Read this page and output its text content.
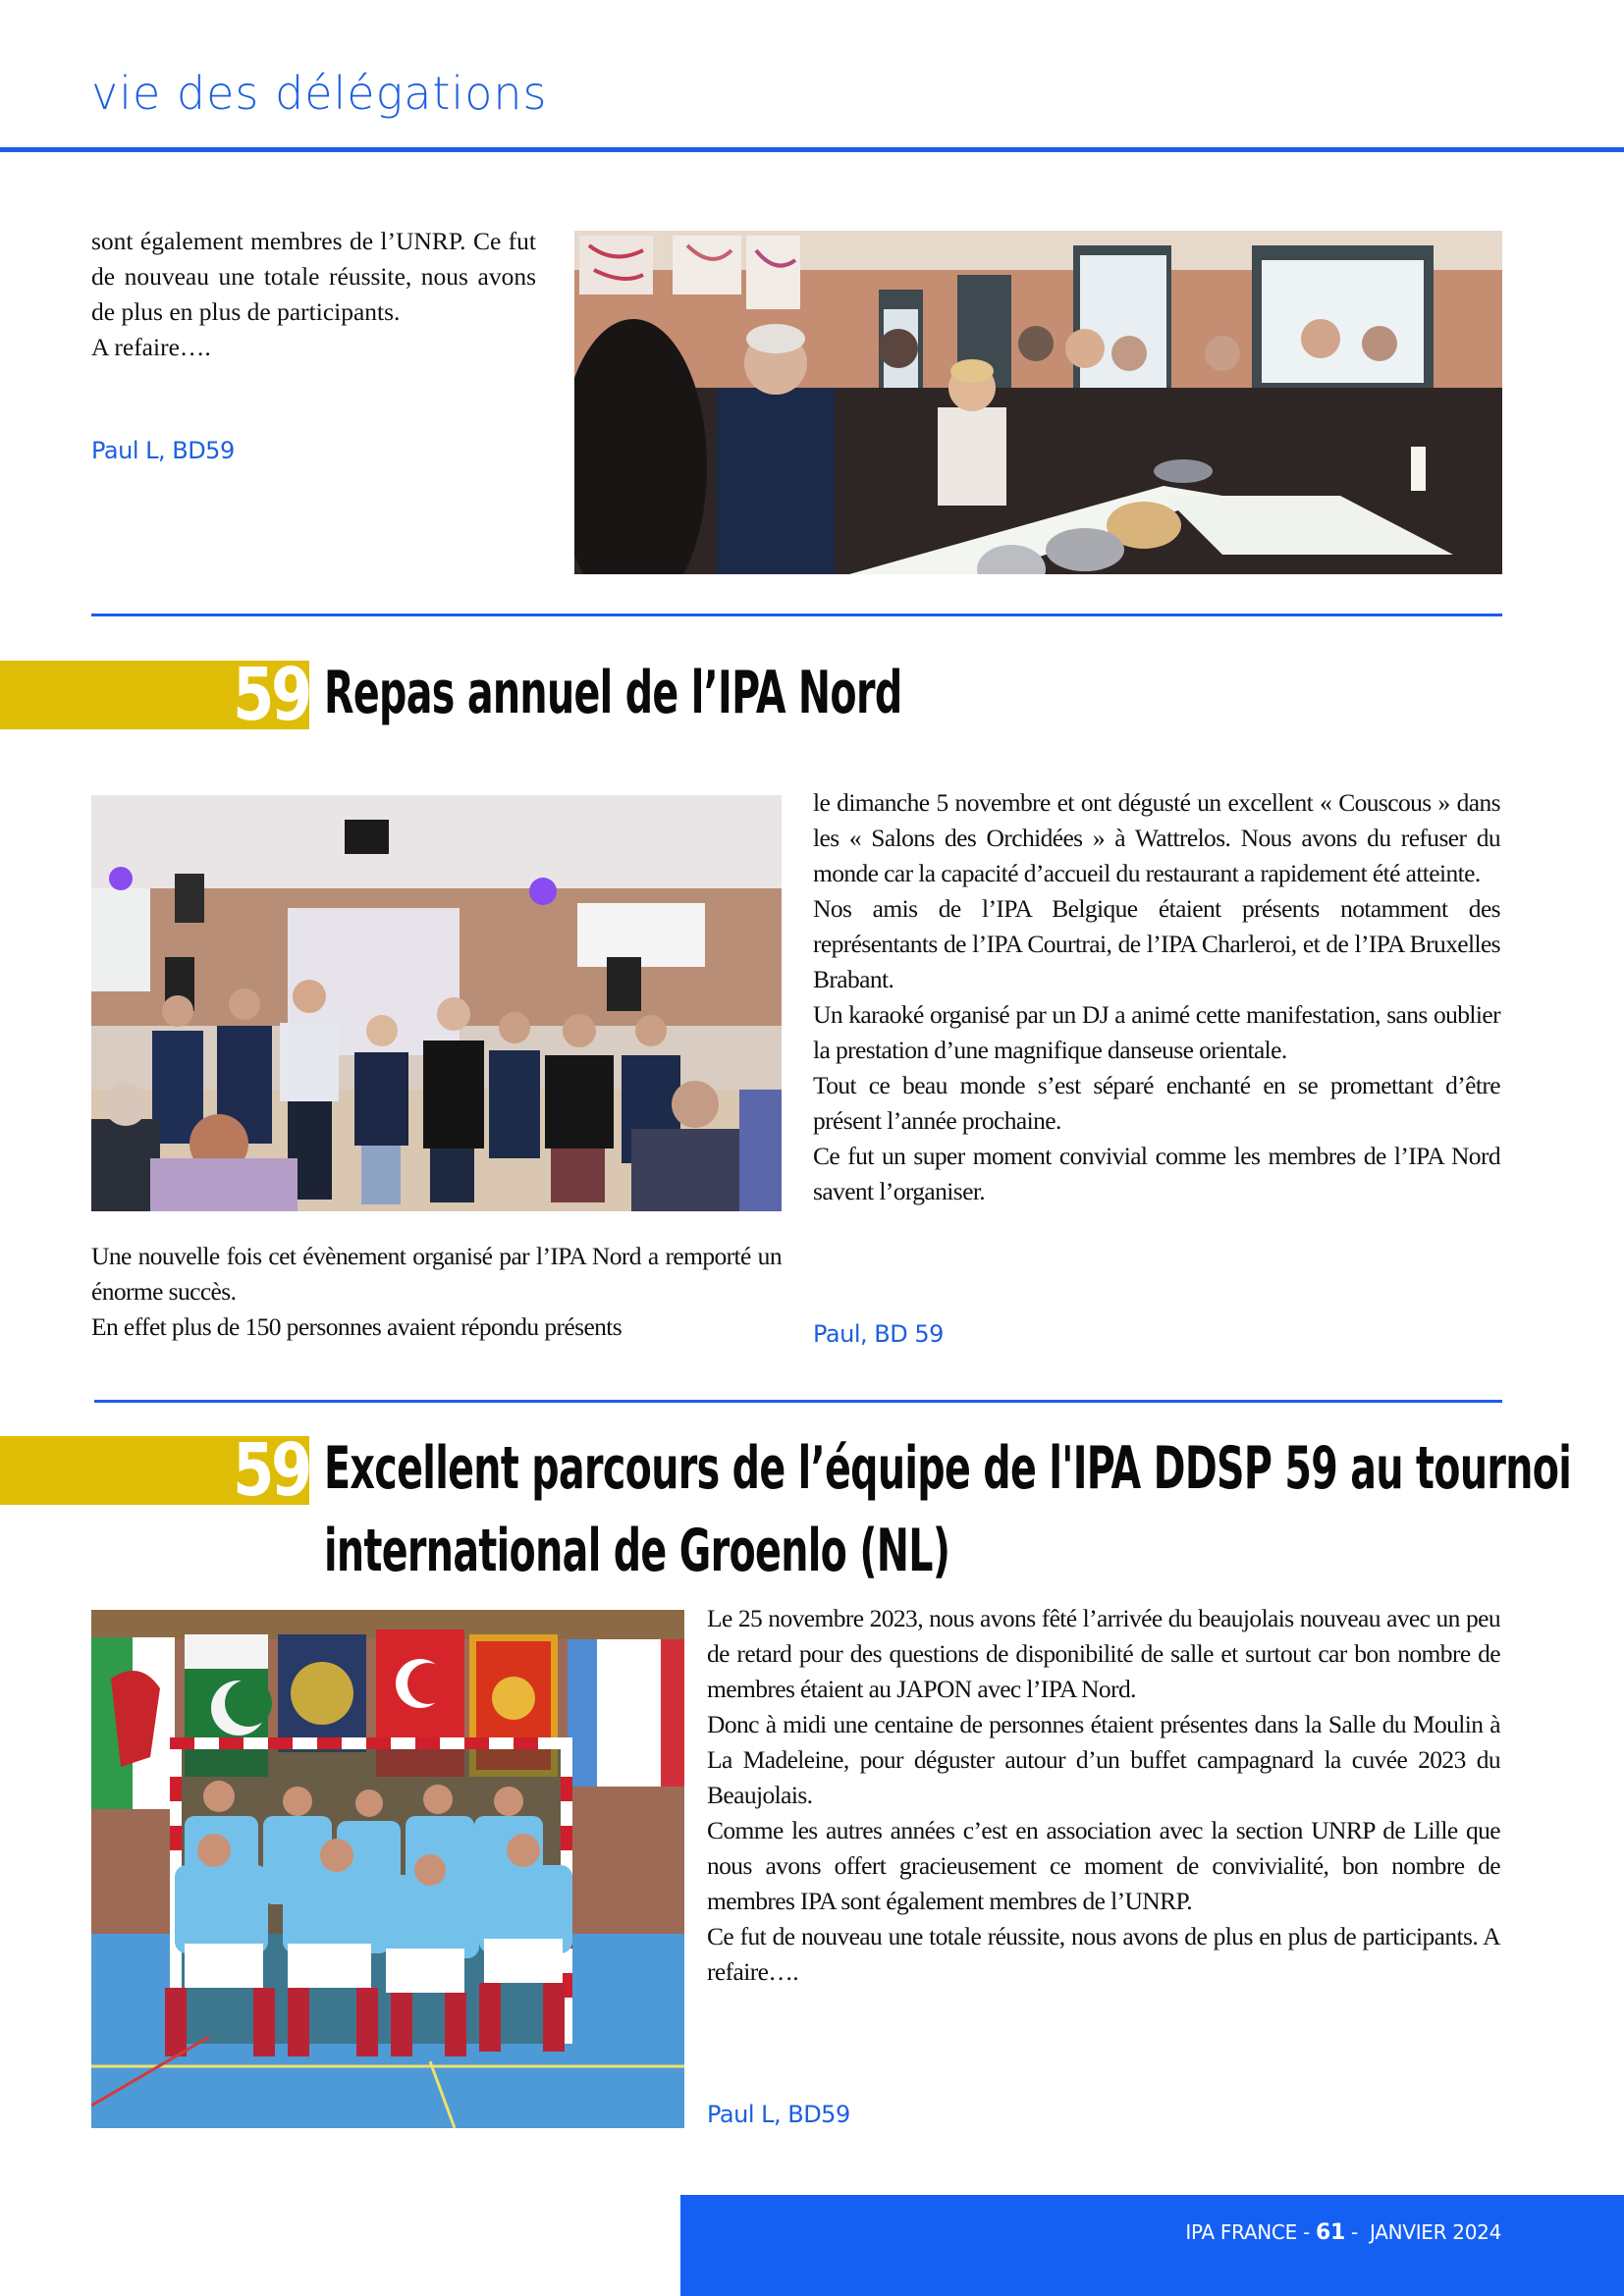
vie des délégations

sont également membres de l’UNRP. Ce fut de nouveau une totale réussite, nous avons de plus en plus de participants.

A refaire….

Paul L, BD59
59 Repas annuel de l’IPA Nord

Une nouvelle fois cet évènement organisé par l’IPA Nord a remporté un énorme succès.

En effet plus de 150 personnes avaient répondu présents

le dimanche 5 novembre et ont dégusté un excellent « Couscous » dans les « Salons des Orchidées » à Wattrelos. Nous avons du refuser du monde car la capacité d’accueil du restaurant a rapidement été atteinte.

Nos amis de l’IPA Belgique étaient présents notamment des représentants de l’IPA Courtrai, de l’IPA Charleroi, et de l’IPA Bruxelles Brabant.

Un karaoké organisé par un DJ a animé cette manifestation, sans oublier la prestation d’une magnifique danseuse orientale.

Tout ce beau monde s’est séparé enchanté en se promettant d’être présent l’année prochaine.

Ce fut un super moment convivial comme les membres de l’IPA Nord savent l’organiser.

Paul, BD 59
59 Excellent parcours de l’équipe de l'IPA DDSP 59 au tournoi
international de Groenlo (NL)

Le 25 novembre 2023, nous avons fêté l’arrivée du beaujolais nouveau avec un peu de retard pour des questions de disponibilité de salle et surtout car bon nombre de membres étaient au JAPON avec l’IPA Nord.

Donc à midi une centaine de personnes étaient présentes dans la Salle du Moulin à La Madeleine, pour déguster autour d’un buffet campagnard la cuvée 2023 du Beaujolais.

Comme les autres années c’est en association avec la section UNRP de Lille que nous avons offert gracieusement ce moment de convivialité, bon nombre de membres IPA sont également membres de l’UNRP.

Ce fut de nouveau une totale réussite, nous avons de plus en plus de participants. A refaire….

Paul L, BD59
IPA FRANCE - 61 - JANVIER 2024
